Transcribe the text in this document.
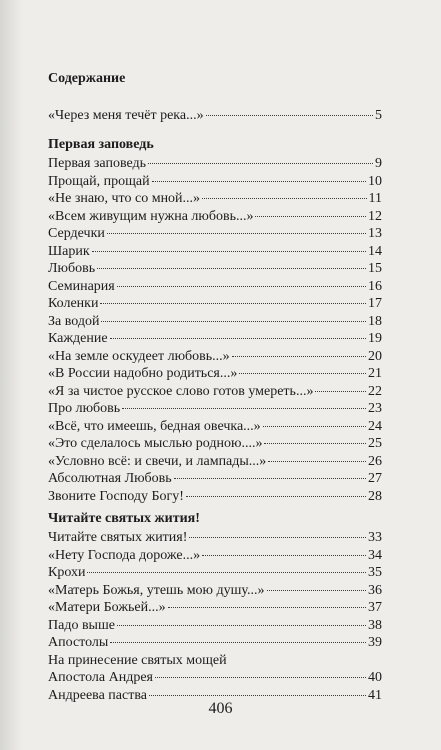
Содержание
«Через меня течёт река...»	5
Первая заповедь
Первая заповедь	9
Прощай, прощай	10
«Не знаю, что со мной...»	11
«Всем живущим нужна любовь...»	12
Сердечки	13
Шарик	14
Любовь	15
Семинария	16
Коленки	17
За водой	18
Каждение	19
«На земле оскудеет любовь...»	20
«В России надобно родиться...»	21
«Я за чистое русское слово готов умереть...»	22
Про любовь	23
«Всё, что имеешь, бедная овечка...»	24
«Это сделалось мыслью родною....»	25
«Условно всё: и свечи, и лампады...»	26
Абсолютная Любовь	27
Звоните Господу Богу!	28
Читайте святых жития!
Читайте святых жития!	33
«Нету Господа дороже...»	34
Крохи	35
«Матерь Божья, утешь мою душу...»	36
«Матери Божьей...»	37
Падо выше	38
Апостолы	39
На принесение святых мощей
Апостола Андрея	40
Андреева паства	41
406
